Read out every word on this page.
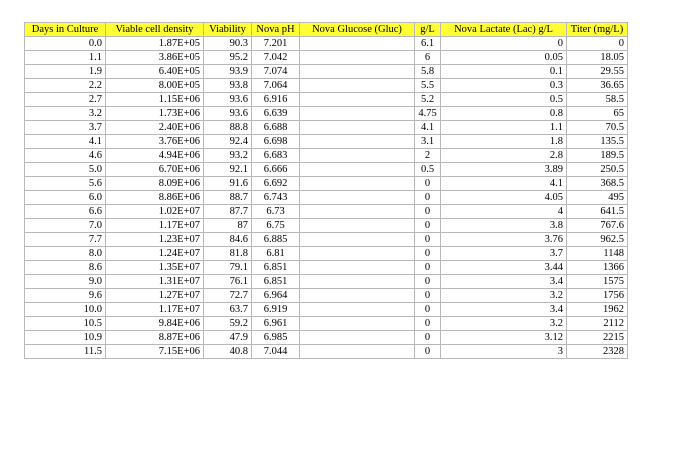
Days in Culture	Viable cell density	Viability	Nova pH	Nova Glucose (Gluc)	g/L	Nova Lactate (Lac) g/L	Titer (mg/L)
0.0	1.87E+05	90.3	7.201		6.1	0	0
1.1	3.86E+05	95.2	7.042		6	0.05	18.05
1.9	6.40E+05	93.9	7.074		5.8	0.1	29.55
2.2	8.00E+05	93.8	7.064		5.5	0.3	36.65
2.7	1.15E+06	93.6	6.916		5.2	0.5	58.5
3.2	1.73E+06	93.6	6.639		4.75	0.8	65
3.7	2.40E+06	88.8	6.688		4.1	1.1	70.5
4.1	3.76E+06	92.4	6.698		3.1	1.8	135.5
4.6	4.94E+06	93.2	6.683		2	2.8	189.5
5.0	6.70E+06	92.1	6.666		0.5	3.89	250.5
5.6	8.09E+06	91.6	6.692		0	4.1	368.5
6.0	8.86E+06	88.7	6.743		0	4.05	495
6.6	1.02E+07	87.7	6.73		0	4	641.5
7.0	1.17E+07	87	6.75		0	3.8	767.6
7.7	1.23E+07	84.6	6.885		0	3.76	962.5
8.0	1.24E+07	81.8	6.81		0	3.7	1148
8.6	1.35E+07	79.1	6.851		0	3.44	1366
9.0	1.31E+07	76.1	6.851		0	3.4	1575
9.6	1.27E+07	72.7	6.964		0	3.2	1756
10.0	1.17E+07	63.7	6.919		0	3.4	1962
10.5	9.84E+06	59.2	6.961		0	3.2	2112
10.9	8.87E+06	47.9	6.985		0	3.12	2215
11.5	7.15E+06	40.8	7.044		0	3	2328
